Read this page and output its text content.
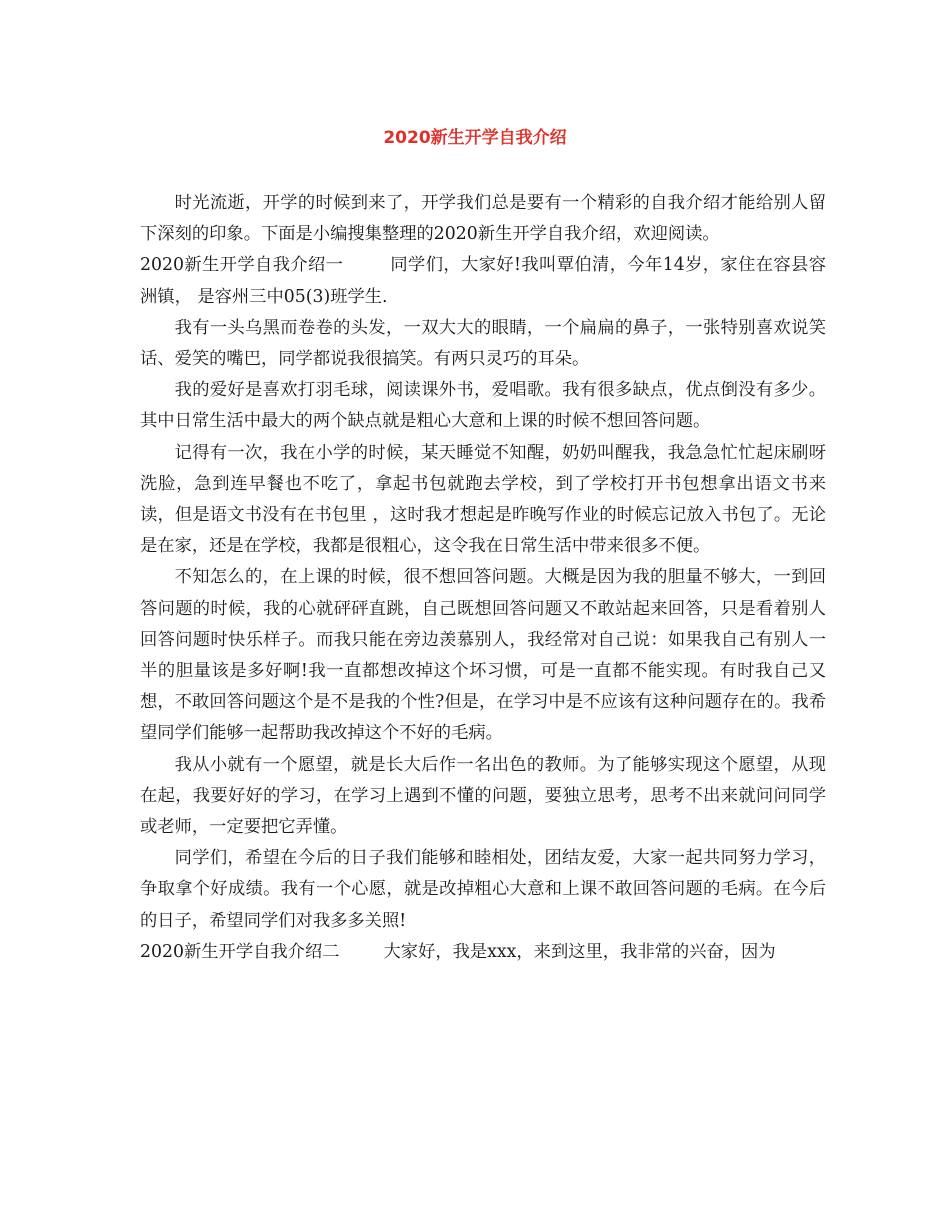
2020新生开学自我介绍

时光流逝，开学的时候到来了，开学我们总是要有一个精彩的自我介绍才能给别人留下深刻的印象。下面是小编搜集整理的2020新生开学自我介绍，欢迎阅读。

2020新生开学自我介绍一	同学们，大家好!我叫覃伯清，今年14岁，家住在容县容洲镇， 是容州三中05(3)班学生.

我有一头乌黑而卷卷的头发，一双大大的眼睛，一个扁扁的鼻子，一张特别喜欢说笑话、爱笑的嘴巴，同学都说我很搞笑。有两只灵巧的耳朵。

我的爱好是喜欢打羽毛球，阅读课外书，爱唱歌。我有很多缺点，优点倒没有多少。其中日常生活中最大的两个缺点就是粗心大意和上课的时候不想回答问题。

记得有一次，我在小学的时候，某天睡觉不知醒，奶奶叫醒我，我急急忙忙起床刷呀洗脸，急到连早餐也不吃了，拿起书包就跑去学校，到了学校打开书包想拿出语文书来读，但是语文书没有在书包里 ，这时我才想起是昨晚写作业的时候忘记放入书包了。无论是在家，还是在学校，我都是很粗心，这令我在日常生活中带来很多不便。

不知怎么的，在上课的时候，很不想回答问题。大概是因为我的胆量不够大，一到回答问题的时候，我的心就砰砰直跳，自己既想回答问题又不敢站起来回答，只是看着别人回答问题时快乐样子。而我只能在旁边羡慕别人，我经常对自己说：如果我自己有别人一半的胆量该是多好啊!我一直都想改掉这个坏习惯，可是一直都不能实现。有时我自己又想，不敢回答问题这个是不是我的个性?但是，在学习中是不应该有这种问题存在的。我希望同学们能够一起帮助我改掉这个不好的毛病。

我从小就有一个愿望，就是长大后作一名出色的教师。为了能够实现这个愿望，从现在起，我要好好的学习，在学习上遇到不懂的问题，要独立思考，思考不出来就问问同学或老师，一定要把它弄懂。

同学们，希望在今后的日子我们能够和睦相处，团结友爱，大家一起共同努力学习，争取拿个好成绩。我有一个心愿，就是改掉粗心大意和上课不敢回答问题的毛病。在今后的日子，希望同学们对我多多关照!

2020新生开学自我介绍二	大家好，我是xxx，来到这里，我非常的兴奋，因为
